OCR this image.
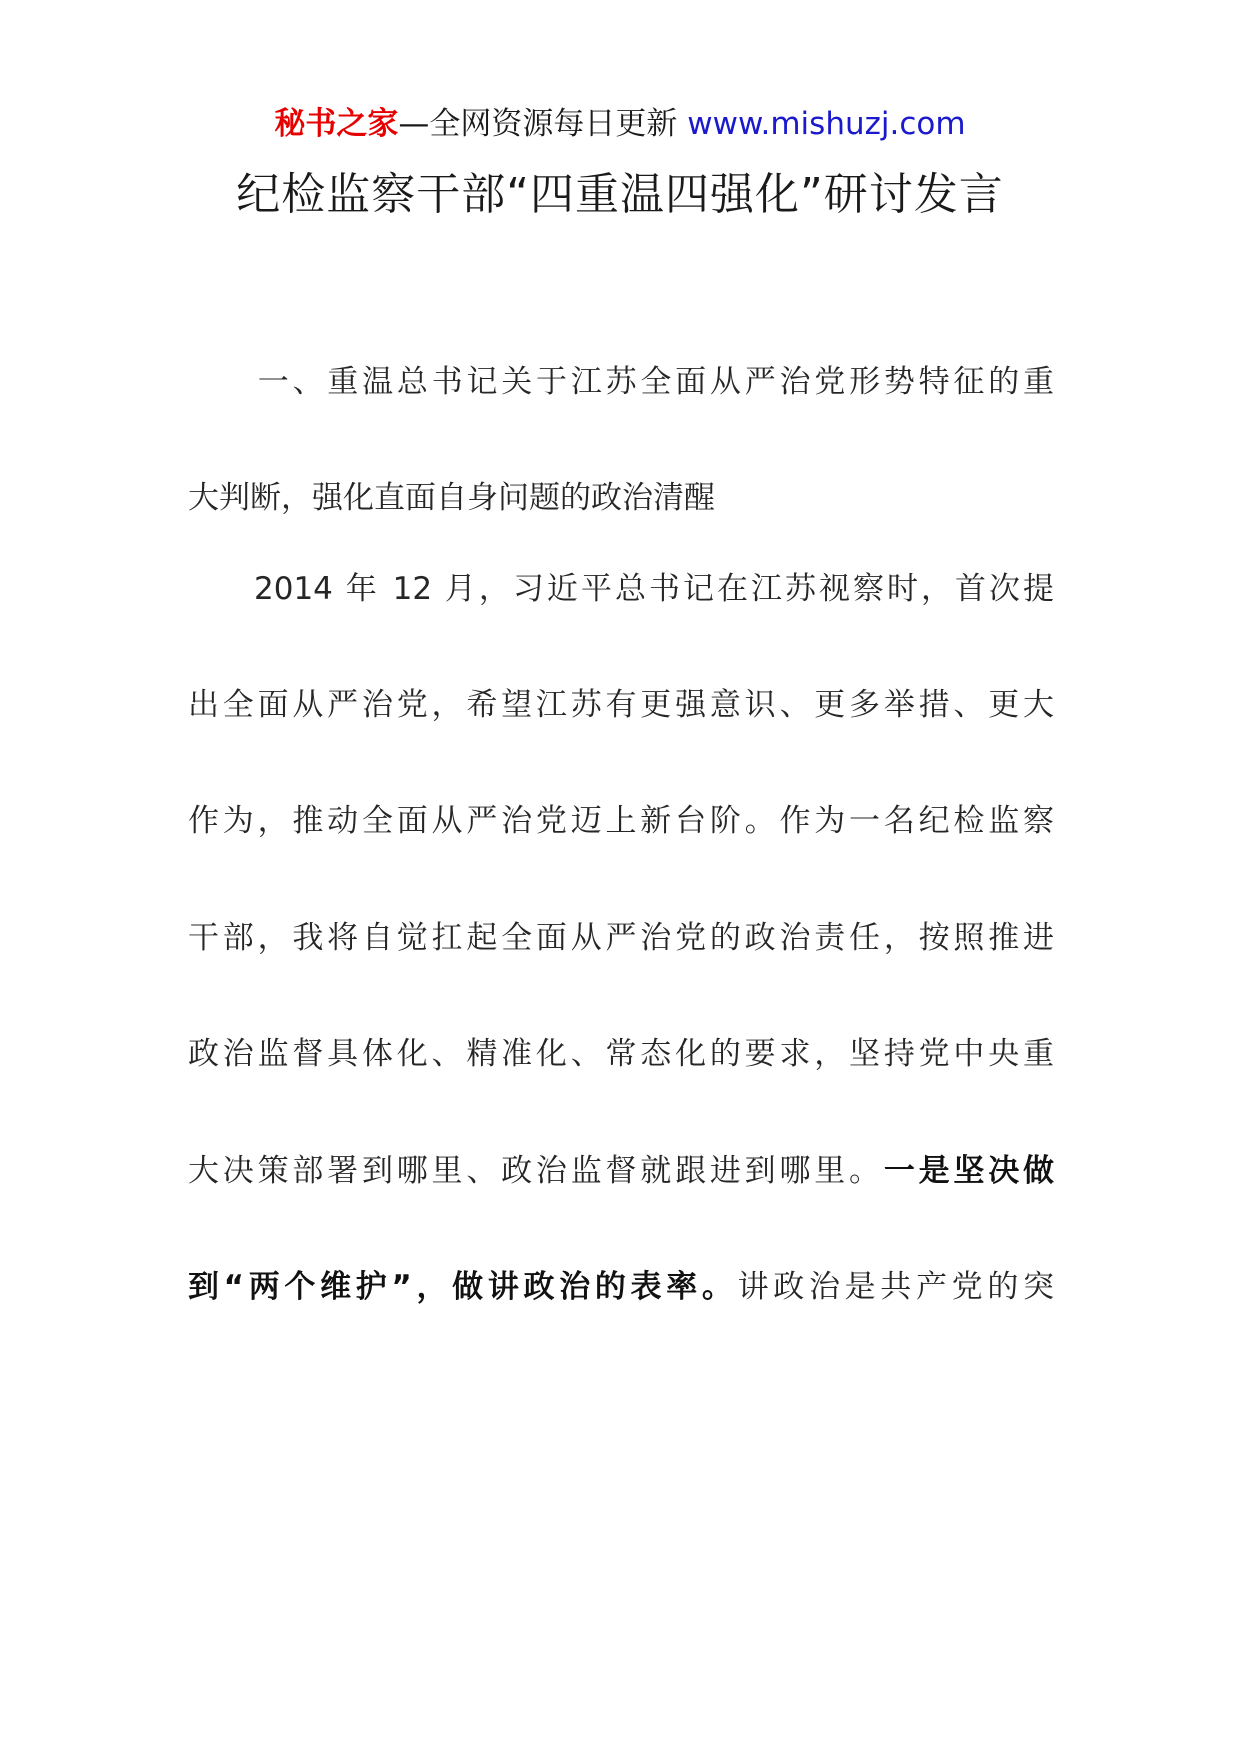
秘书之家—全网资源每日更新 www.mishuzj.com
纪检监察干部“四重温四强化”研讨发言
一、重温总书记关于江苏全面从严治党形势特征的重
大判断，强化直面自身问题的政治清醒
2014 年 12 月，习近平总书记在江苏视察时，首次提
出全面从严治党，希望江苏有更强意识、更多举措、更大
作为，推动全面从严治党迈上新台阶。作为一名纪检监察
干部，我将自觉扛起全面从严治党的政治责任，按照推进
政治监督具体化、精准化、常态化的要求，坚持党中央重
大决策部署到哪里、政治监督就跟进到哪里。一是坚决做
到“两个维护”，做讲政治的表率。讲政治是共产党的突
